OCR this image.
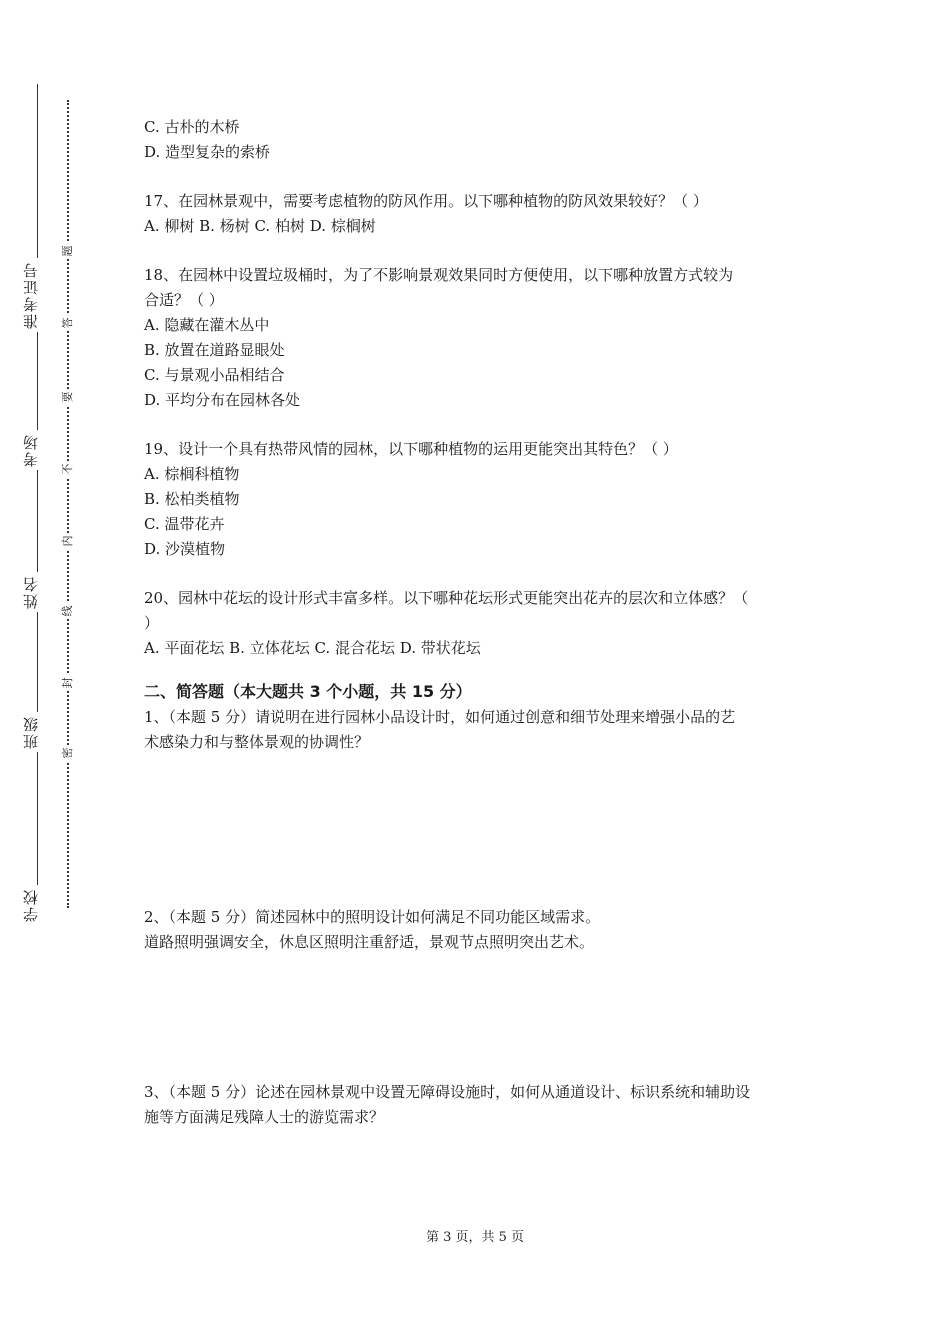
准考证号
考场
姓名
班级
学校
题
答
要
不
内
线
封
密
C. 古朴的木桥
D. 造型复杂的索桥
17、在园林景观中，需要考虑植物的防风作用。以下哪种植物的防风效果较好？（ ）
A. 柳树 B. 杨树 C. 柏树 D. 棕榈树
18、在园林中设置垃圾桶时，为了不影响景观效果同时方便使用，以下哪种放置方式较为
合适？（ ）
A. 隐藏在灌木丛中
B. 放置在道路显眼处
C. 与景观小品相结合
D. 平均分布在园林各处
19、设计一个具有热带风情的园林，以下哪种植物的运用更能突出其特色？（ ）
A. 棕榈科植物
B. 松柏类植物
C. 温带花卉
D. 沙漠植物
20、园林中花坛的设计形式丰富多样。以下哪种花坛形式更能突出花卉的层次和立体感？（
）
A. 平面花坛 B. 立体花坛 C. 混合花坛 D. 带状花坛
二、简答题（本大题共 3 个小题，共 15 分）
1、（本题 5 分）请说明在进行园林小品设计时，如何通过创意和细节处理来增强小品的艺
术感染力和与整体景观的协调性？
2、（本题 5 分）简述园林中的照明设计如何满足不同功能区域需求。
道路照明强调安全，休息区照明注重舒适，景观节点照明突出艺术。
3、（本题 5 分）论述在园林景观中设置无障碍设施时，如何从通道设计、标识系统和辅助设
施等方面满足残障人士的游览需求？
第 3 页，共 5 页
